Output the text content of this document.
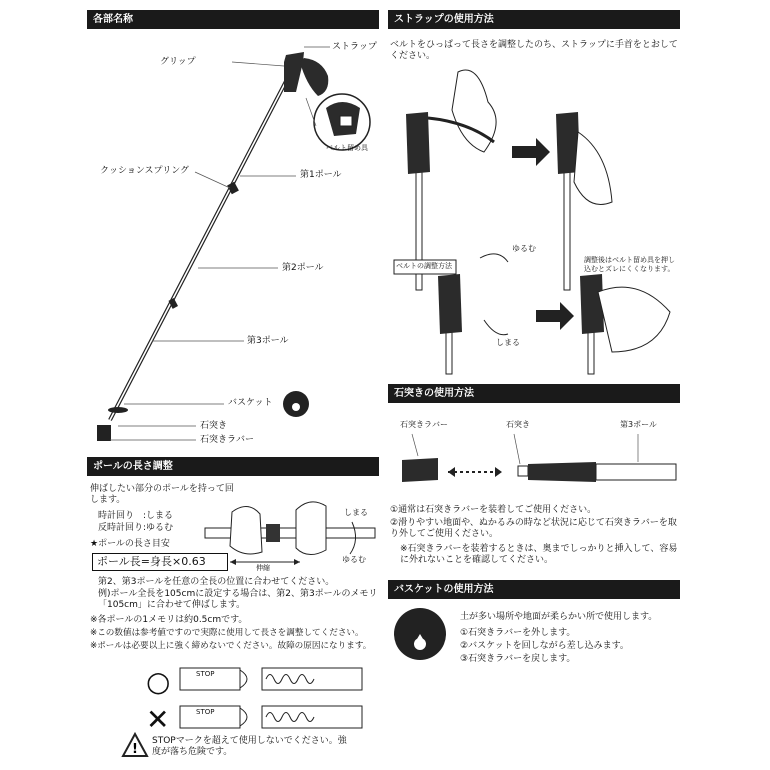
各部名称
ストラップ
グリップ
ベルト留め具
クッションスプリング	第1ポール
第2ポール
第3ポール
バスケット
石突き
石突きラバー
ポールの長さ調整
伸ばしたい部分のポールを持って回します。
時計回り　:しまる
反時計回り:ゆるむ
★ポールの長さ目安
ポール長=身長×0.63	伸縮
しまる
ゆるむ
第2、第3ポールを任意の全長の位置に合わせてください。
例)ポール全長を105cmに設定する場合は、第2、第3ポールのメモリ「105cm」に合わせて伸ばします。
※各ポールの1メモリは約0.5cmです。
※この数値は参考値ですので実際に使用して長さを調整してください。
※ポールは必要以上に強く締めないでください。故障の原因になります。
○
✕
STOP
STOP
!
STOPマークを超えて使用しないでください。強度が落ち危険です。
ストラップの使用方法
ベルトをひっぱって長さを調整したのち、ストラップに手首をとおしてください。
ベルトの調整方法
ゆるむ
しまる
調整後はベルト留め具を押し込むとズレにくくなります。
石突きの使用方法
石突きラバー	石突き	第3ポール
①通常は石突きラバーを装着してご使用ください。
②滑りやすい地面や、ぬかるみの時など状況に応じて石突きラバーを取り外してご使用ください。
※石突きラバーを装着するときは、奥までしっかりと挿入して、容易に外れないことを確認してください。
バスケットの使用方法
土が多い場所や地面が柔らかい所で使用します。
①石突きラバーを外します。
②バスケットを回しながら差し込みます。
③石突きラバーを戻します。
